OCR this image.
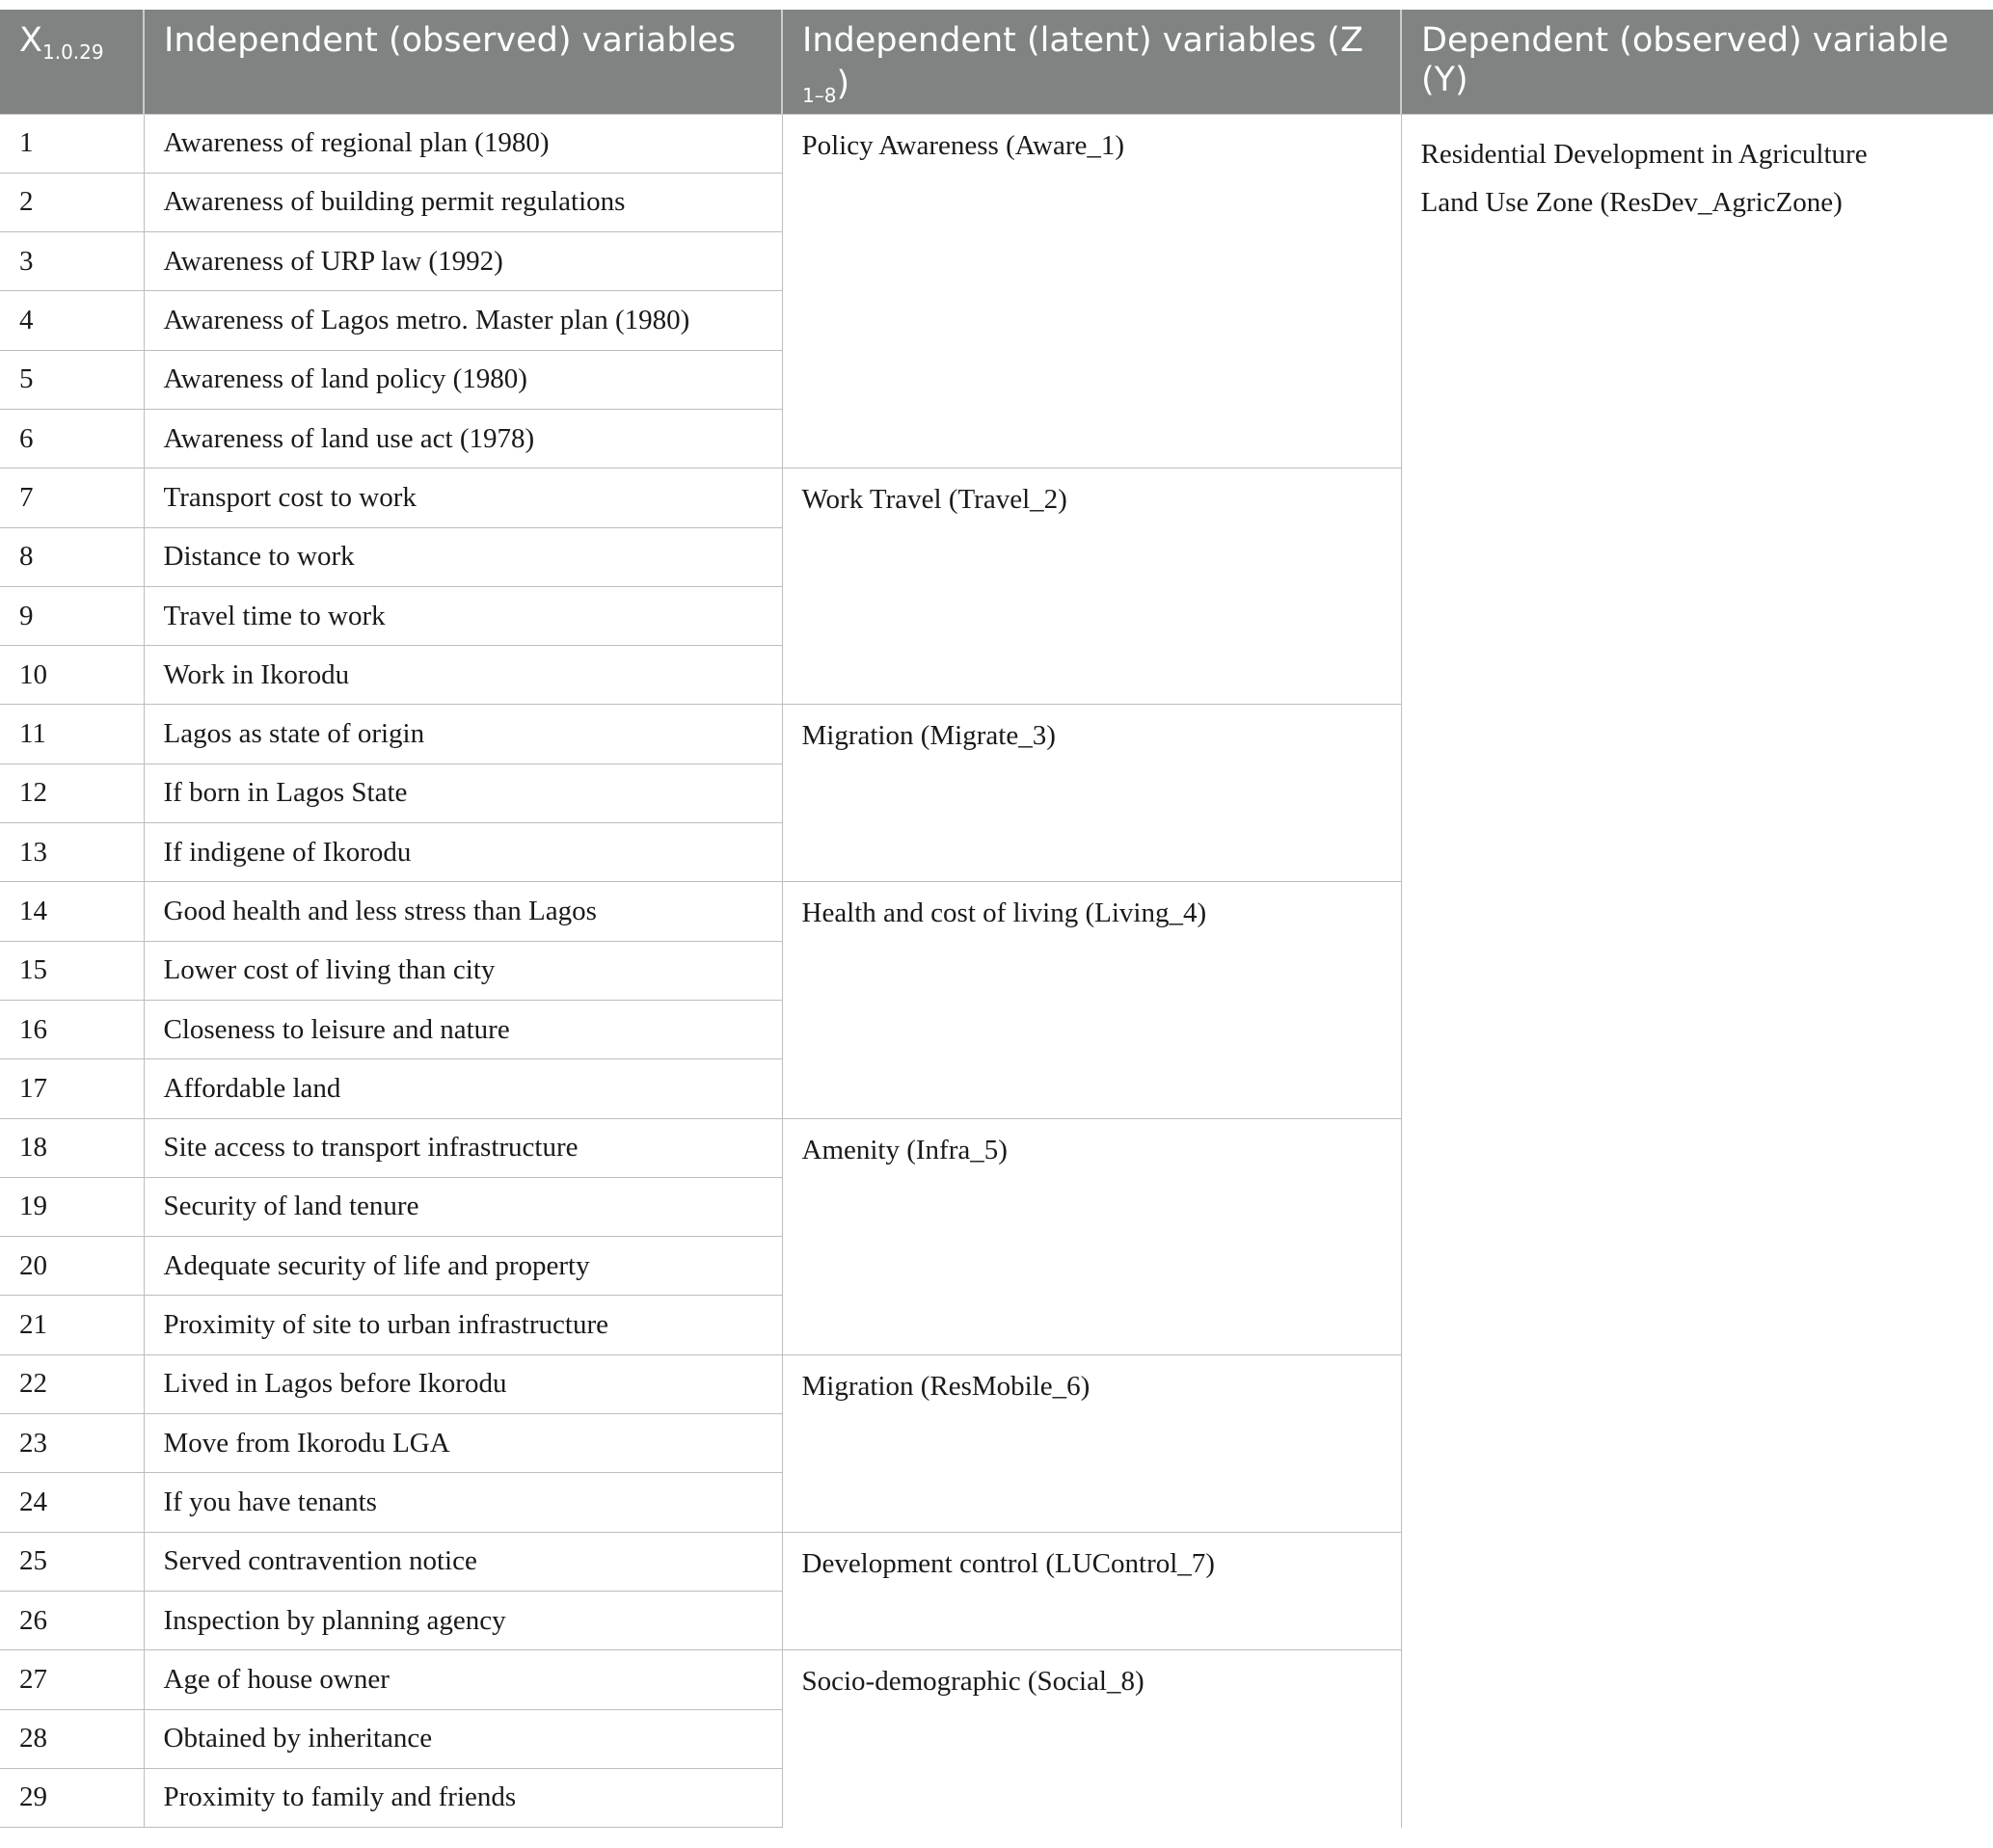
$X_{1.0.29}$	Independent (observed) variables	Independent (latent) variables (Z $_{1-8}$)	Dependent (observed) variable (Y)
1	Awareness of regional plan (1980)	Policy Awareness (Aware_1)	Residential Development in Agriculture
Land Use Zone (ResDev_AgricZone)
2	Awareness of building permit regulations		
3	Awareness of URP law (1992)		
4	Awareness of Lagos metro. Master plan (1980)		
5	Awareness of land policy (1980)		
6	Awareness of land use act (1978)		
7	Transport cost to work	Work Travel (Travel_2)	
8	Distance to work		
9	Travel time to work		
10	Work in Ikorodu		
11	Lagos as state of origin	Migration (Migrate_3)	
12	If born in Lagos State		
13	If indigene of Ikorodu		
14	Good health and less stress than Lagos	Health and cost of living (Living_4)	
15	Lower cost of living than city		
16	Closeness to leisure and nature		
17	Affordable land		
18	Site access to transport infrastructure	Amenity (Infra_5)	
19	Security of land tenure		
20	Adequate security of life and property		
21	Proximity of site to urban infrastructure		
22	Lived in Lagos before Ikorodu	Migration (ResMobile_6)	
23	Move from Ikorodu LGA		
24	If you have tenants		
25	Served contravention notice	Development control (LUControl_7)	
26	Inspection by planning agency		
27	Age of house owner	Socio-demographic (Social_8)	
28	Obtained by inheritance		
29	Proximity to family and friends		
